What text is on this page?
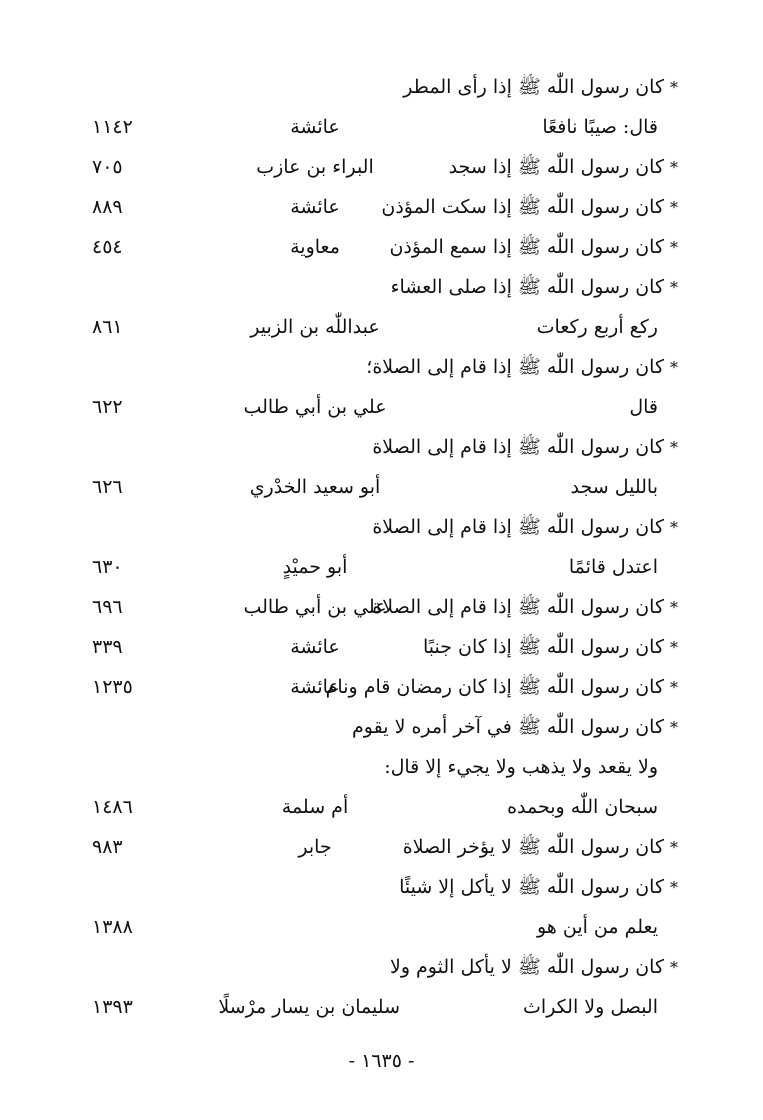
*كان رسول اللّٰه ﷺ إذا رأى المطر
قال: صيبًا نافعًا
عائشة
١١٤٢
*كان رسول اللّٰه ﷺ إذا سجد
البراء بن عازب
٧٠٥
*كان رسول اللّٰه ﷺ إذا سكت المؤذن
عائشة
٨٨٩
*كان رسول اللّٰه ﷺ إذا سمع المؤذن
معاوية
٤٥٤
*كان رسول اللّٰه ﷺ إذا صلى العشاء
ركع أربع ركعات
عبداللّٰه بن الزبير
٨٦١
*كان رسول اللّٰه ﷺ إذا قام إلى الصلاة؛
قال
علي بن أبي طالب
٦٢٢
*كان رسول اللّٰه ﷺ إذا قام إلى الصلاة
بالليل سجد
أبو سعيد الخدْري
٦٢٦
*كان رسول اللّٰه ﷺ إذا قام إلى الصلاة
اعتدل قائمًا
أبو حميْدٍ
٦٣٠
*كان رسول اللّٰه ﷺ إذا قام إلى الصلاة
علي بن أبي طالب
٦٩٦
*كان رسول اللّٰه ﷺ إذا كان جنبًا
عائشة
٣٣٩
*كان رسول اللّٰه ﷺ إذا كان رمضان قام ونام
عائشة
١٢٣٥
*كان رسول اللّٰه ﷺ في آخر أمره لا يقوم
ولا يقعد ولا يذهب ولا يجيء إلا قال:
سبحان اللّٰه وبحمده
أم سلمة
١٤٨٦
*كان رسول اللّٰه ﷺ لا يؤخر الصلاة
جابر
٩٨٣
*كان رسول اللّٰه ﷺ لا يأكل إلا شيئًا
يعلم من أين هو
١٣٨٨
*كان رسول اللّٰه ﷺ لا يأكل الثوم ولا
البصل ولا الكراث
سليمان بن يسار مرْسلًا
١٣٩٣
- ١٦٣٥ -
